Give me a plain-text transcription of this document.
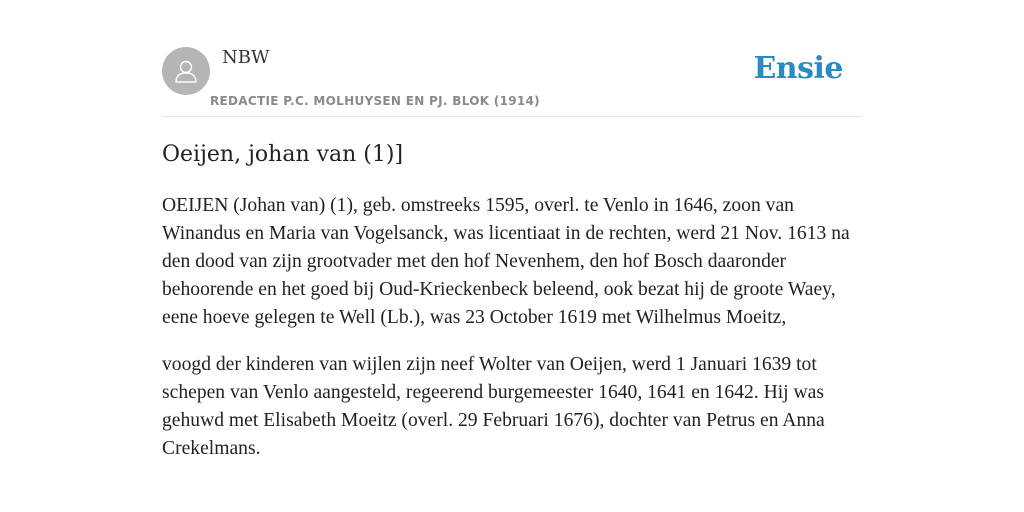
NBW
REDACTIE P.C. MOLHUYSEN EN PJ. BLOK (1914)
Ensie
Oeijen, johan van (1)]

OEIJEN (Johan van) (1), geb. omstreeks 1595, overl. te Venlo in 1646, zoon van Winandus en Maria van Vogelsanck, was licentiaat in de rechten, werd 21 Nov. 1613 na den dood van zijn grootvader met den hof Nevenhem, den hof Bosch daaronder behoorende en het goed bij Oud-Krieckenbeck beleend, ook bezat hij de groote Waey, eene hoeve gelegen te Well (Lb.), was 23 October 1619 met Wilhelmus Moeitz,

voogd der kinderen van wijlen zijn neef Wolter van Oeijen, werd 1 Januari 1639 tot schepen van Venlo aangesteld, regeerend burgemeester 1640, 1641 en 1642. Hij was gehuwd met Elisabeth Moeitz (overl. 29 Februari 1676), dochter van Petrus en Anna Crekelmans.
